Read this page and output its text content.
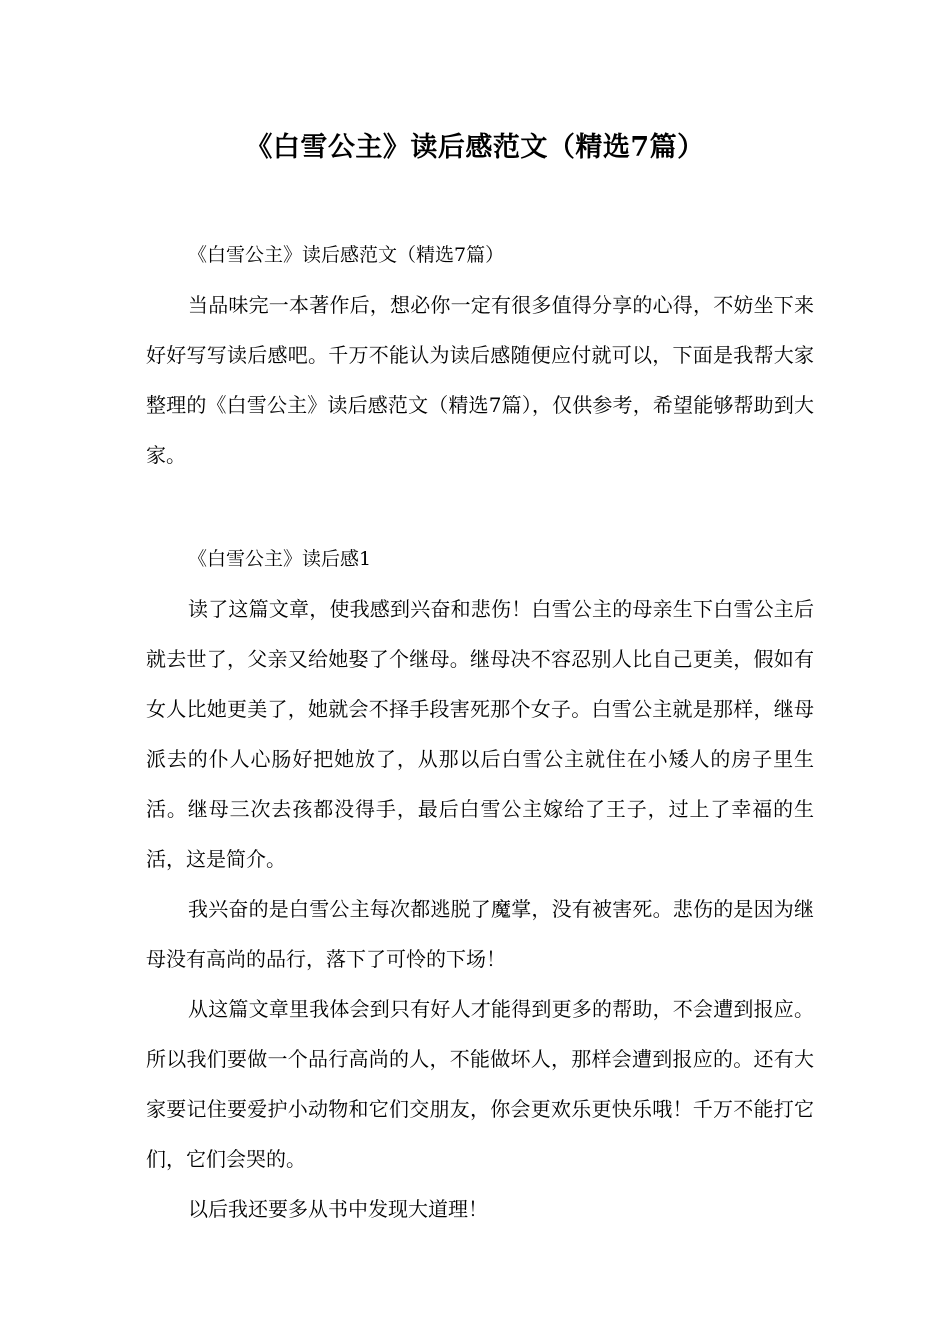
《白雪公主》读后感范文（精选7篇）

《白雪公主》读后感范文（精选7篇）

当品味完一本著作后，想必你一定有很多值得分享的心得，不妨坐下来好好写写读后感吧。千万不能认为读后感随便应付就可以，下面是我帮大家整理的《白雪公主》读后感范文（精选7篇），仅供参考，希望能够帮助到大家。

《白雪公主》读后感1

读了这篇文章，使我感到兴奋和悲伤！白雪公主的母亲生下白雪公主后就去世了，父亲又给她娶了个继母。继母决不容忍别人比自己更美，假如有女人比她更美了，她就会不择手段害死那个女子。白雪公主就是那样，继母派去的仆人心肠好把她放了，从那以后白雪公主就住在小矮人的房子里生活。继母三次去孩都没得手，最后白雪公主嫁给了王子，过上了幸福的生活，这是简介。

我兴奋的是白雪公主每次都逃脱了魔掌，没有被害死。悲伤的是因为继母没有高尚的品行，落下了可怜的下场！

从这篇文章里我体会到只有好人才能得到更多的帮助，不会遭到报应。所以我们要做一个品行高尚的人，不能做坏人，那样会遭到报应的。还有大家要记住要爱护小动物和它们交朋友，你会更欢乐更快乐哦！千万不能打它们，它们会哭的。

以后我还要多从书中发现大道理！
